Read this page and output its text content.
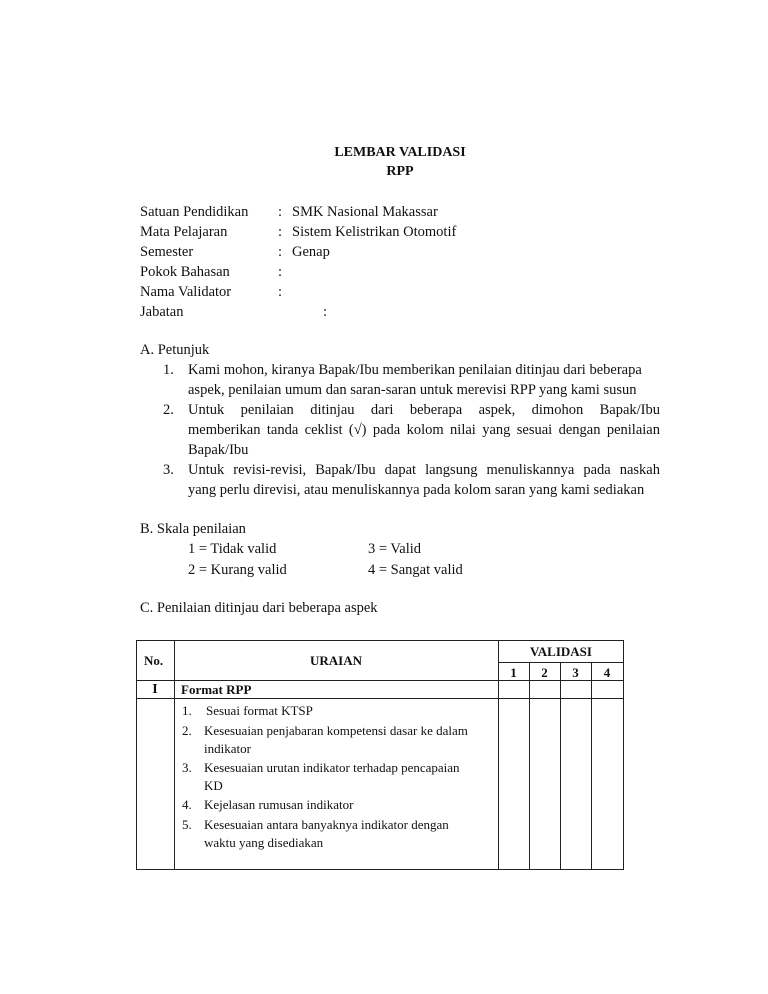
LEMBAR VALIDASI
RPP
Satuan Pendidikan : SMK Nasional Makassar
Mata Pelajaran	: Sistem Kelistrikan Otomotif
Semester	: Genap
Pokok Bahasan	:
Nama Validator	:
Jabatan	:
A. Petunjuk
1. Kami mohon, kiranya Bapak/Ibu memberikan penilaian ditinjau dari beberapa
aspek, penilaian umum dan saran-saran untuk merevisi RPP yang kami susun
2. Untuk penilaian ditinjau dari beberapa aspek, dimohon Bapak/Ibu
memberikan tanda ceklist (√) pada kolom nilai yang sesuai dengan penilaian
Bapak/Ibu
3. Untuk revisi-revisi, Bapak/Ibu dapat langsung menuliskannya pada naskah
yang perlu direvisi, atau menuliskannya pada kolom saran yang kami sediakan
B. Skala penilaian
1 = Tidak valid	3 = Valid
2 = Kurang valid	4 = Sangat valid
C. Penilaian ditinjau dari beberapa aspek
No.	URAIAN
VALIDASI
1	2	3	4
I	Format RPP
1. Sesuai format KTSP
2. Kesesuaian penjabaran kompetensi dasar ke dalam
indikator
3. Kesesuaian urutan indikator terhadap pencapaian
KD
4. Kejelasan rumusan indikator
5. Kesesuaian antara banyaknya indikator dengan
waktu yang disediakan
